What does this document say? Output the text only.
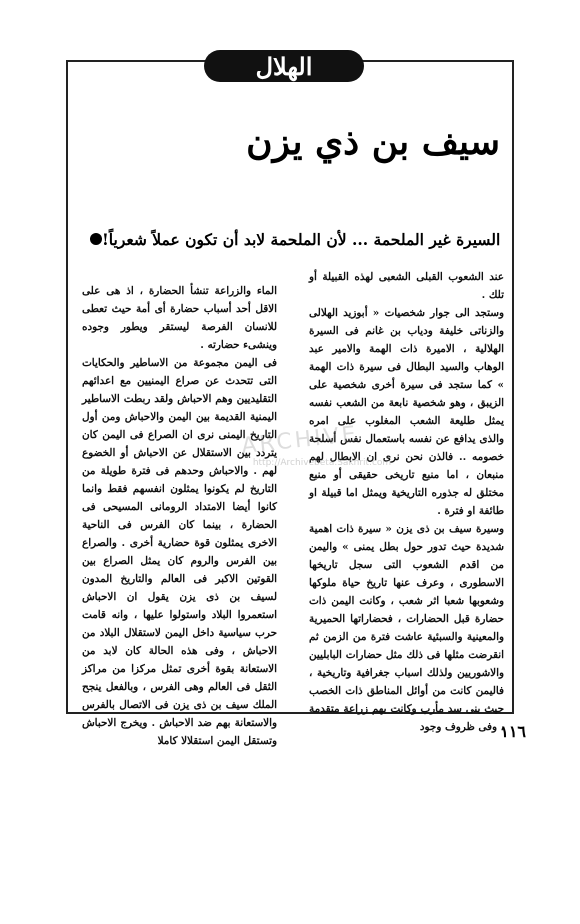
الهلال
سيف بن ذي يزن
السيرة غير الملحمة ... لأن الملحمة لابد أن تكون عملاً شعرياً!

عند الشعوب القبلى الشعبى لهذه القبيلة أو تلك .

وستجد الى جوار شخصيات « أبوزيد الهلالى والزناتى خليفة ودياب بن غانم فى السيرة الهلالية ، الاميرة ذات الهمة والامير عبد الوهاب والسيد البطال فى سيرة ذات الهمة » كما ستجد فى سيرة أخرى شخصية على الزيبق ، وهو شخصية نابعة من الشعب نفسه يمثل طليعة الشعب المغلوب على امره والذى يدافع عن نفسه باستعمال نفس أسلحة خصومه .. فالذن نحن نرى ان الابطال لهم منبعان ، اما منبع تاريخى حقيقى أو منبع مختلق له جذوره التاريخية ويمثل اما قبيلة او طائفة او فترة .

وسيرة سيف بن ذى يزن « سيرة ذات اهمية شديدة حيث تدور حول بطل يمنى » واليمن من اقدم الشعوب التى سجل تاريخها الاسطورى ، وعرف عنها تاريخ حياة ملوكها وشعوبها شعبا اثر شعب ، وكانت اليمن ذات حضارة قبل الحضارات ، فحضاراتها الحميرية والمعينية والسبئية عاشت فترة من الزمن ثم انقرضت مثلها فى ذلك مثل حضارات البابليين والاشوريين ولذلك اسباب جغرافية وتاريخية ، فاليمن كانت من أوائل المناطق ذات الخصب حيث بنى سد مأرب وكانت بهم زراعة متقدمة ، وفى ظروف وجود

الماء والزراعة تنشأ الحضارة ، اذ هى على الاقل أحد أسباب حضارة أى أمة حيث تعطى للانسان الفرصة ليستقر ويطور وجوده وينشىء حضارته .

فى اليمن مجموعة من الاساطير والحكايات التى تتحدث عن صراع اليمنيين مع اعدائهم التقليديين وهم الاحباش ولقد ربطت الاساطير اليمنية القديمة بين اليمن والاحباش ومن أول التاريخ اليمنى نرى ان الصراع فى اليمن كان يتردد بين الاستقلال عن الاحباش أو الخضوع لهم . والاحباش وحدهم فى فترة طويلة من التاريخ لم يكونوا يمثلون انفسهم فقط وانما كانوا أيضا الامتداد الرومانى المسيحى فى الحضارة ، بينما كان الفرس فى الناحية الاخرى يمثلون قوة حضارية أخرى . والصراع بين الفرس والروم كان يمثل الصراع بين القوتين الاكبر فى العالم والتاريخ المدون لسيف بن ذى يزن يقول ان الاحباش استعمروا البلاد واستولوا عليها ، وانه قامت حرب سياسية داخل اليمن لاستقلال البلاد من الاحباش ، وفى هذه الحالة كان لابد من الاستعانة بقوة أخرى تمثل مركزا من مراكز الثقل فى العالم وهى الفرس ، وبالفعل ينجح الملك سيف بن ذى يزن فى الاتصال بالفرس والاستعانة بهم ضد الاحباش . ويخرج الاحباش وتستقل اليمن استقلالا كاملا

ARCHIVE
http://Archivebeta.Sakhrit.com
١١٦
